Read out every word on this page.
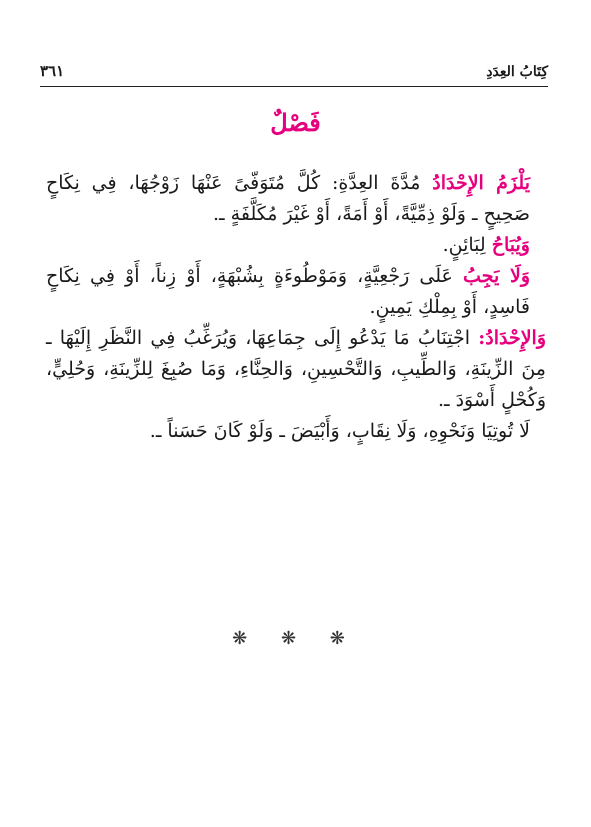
كِتَابُ العِدَدِ
٣٦١
فَصْلٌ

يَلْزَمُ الإِحْدَادُ مُدَّةَ العِدَّةِ: كُلَّ مُتَوَفّىً عَنْهَا زَوْجُهَا، فِي نِكَاحٍ صَحِيحٍ ـ وَلَوْ ذِمِّيَّةً، أَوْ أَمَةً، أَوْ غَيْرَ مُكَلَّفَةٍ ـ.

وَيُبَاحُ لِبَائِنٍ.

وَلَا يَجِبُ عَلَى رَجْعِيَّةٍ، وَمَوْطُوءَةٍ بِشُبْهَةٍ، أَوْ زِناً، أَوْ فِي نِكَاحٍ فَاسِدٍ، أَوْ بِمِلْكِ يَمِينٍ.

وَالإِحْدَادُ: اجْتِنَابُ مَا يَدْعُو إِلَى جِمَاعِهَا، وَيُرَغِّبُ فِي النَّظَرِ إِلَيْهَا ـ مِنَ الزِّينَةِ، وَالطِّيبِ، وَالتَّحْسِينِ، وَالحِنَّاءِ، وَمَا صُبِغَ لِلزِّينَةِ، وَحُلِيٍّ، وَكُحْلٍ أَسْوَدَ ـ.

لَا تُوتِيَا وَنَحْوِهِ، وَلَا نِقَابٍ، وَأَبْيَضَ ـ وَلَوْ كَانَ حَسَناً ـ.

❋ ❋ ❋
